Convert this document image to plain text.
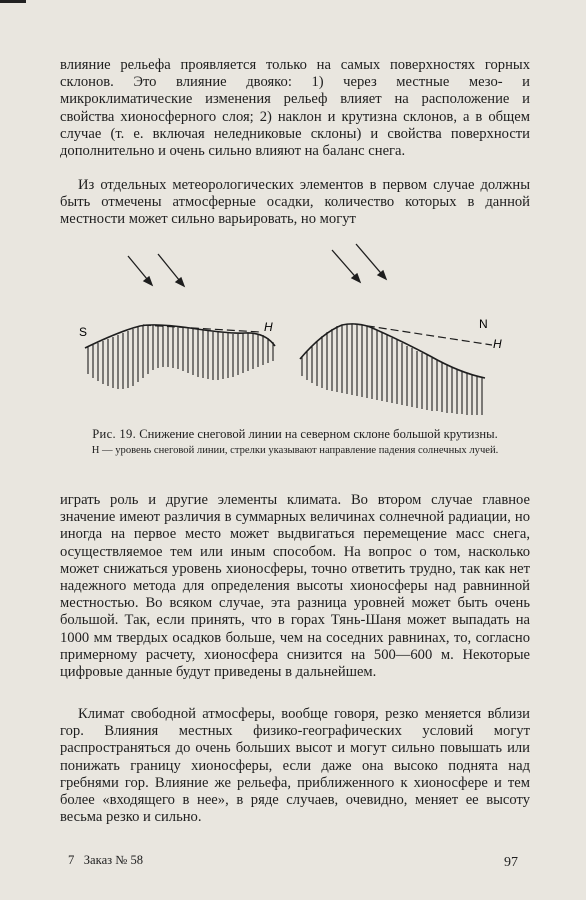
влияние рельефа проявляется только на самых поверхностях горных склонов. Это влияние двояко: 1) через местные мезо- и микроклиматические изменения рельеф влияет на расположение и свойства хионосферного слоя; 2) наклон и крутизна склонов, а в общем случае (т. е. включая неледниковые склоны) и свойства поверхности дополнительно и очень сильно влияют на баланс снега.

Из отдельных метеорологических элементов в первом случае должны быть отмечены атмосферные осадки, количество которых в данной местности может сильно варьировать, но могут

S	H	N
H

Рис. 19. Снижение снеговой линии на северном склоне большой крутизны.

H — уровень снеговой линии, стрелки указывают направление падения солнечных лучей.

играть роль и другие элементы климата. Во втором случае главное значение имеют различия в суммарных величинах солнечной радиации, но иногда на первое место может выдвигаться перемещение масс снега, осуществляемое тем или иным способом. На вопрос о том, насколько может снижаться уровень хионосферы, точно ответить трудно, так как нет надежного метода для определения высоты хионосферы над равнинной местностью. Во всяком случае, эта разница уровней может быть очень большой. Так, если принять, что в горах Тянь-Шаня может выпадать на 1000 мм твердых осадков больше, чем на соседних равнинах, то, согласно примерному расчету, хионосфера снизится на 500—600 м. Некоторые цифровые данные будут приведены в дальнейшем.

Климат свободной атмосферы, вообще говоря, резко меняется вблизи гор. Влияния местных физико-географических условий могут распространяться до очень больших высот и могут сильно повышать или понижать границу хионосферы, если даже она высоко поднята над гребнями гор. Влияние же рельефа, приближенного к хионосфере и тем более «входящего в нее», в ряде случаев, очевидно, меняет ее высоту весьма резко и сильно.

7   Заказ № 58	97
